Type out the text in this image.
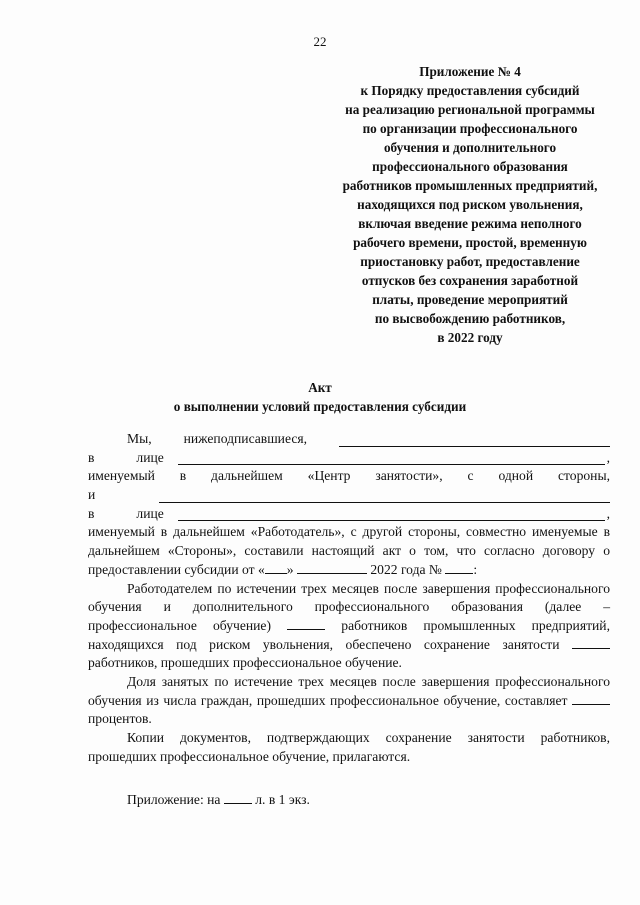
22
Приложение № 4
к Порядку предоставления субсидий
на реализацию региональной программы
по организации профессионального
обучения и дополнительного
профессионального образования
работников промышленных предприятий,
находящихся под риском увольнения,
включая введение режима неполного
рабочего времени, простой, временную
приостановку работ, предоставление
отпусков без сохранения заработной
платы, проведение мероприятий
по высвобождению работников,
в 2022 году
Акт
о выполнении условий предоставления субсидии
Мы, нижеподписавшиеся,
в	лице	,
именуемый в дальнейшем «Центр занятости», с одной стороны,
и
в	лице	,
именуемый в дальнейшем «Работодатель», с другой стороны, совместно именуемые в дальнейшем «Стороны», составили настоящий акт о том, что согласно договору о предоставлении субсидии от « »	2022 года № :
Работодателем по истечении трех месяцев после завершения профессионального обучения и дополнительного профессионального образования (далее – профессиональное обучение)	работников промышленных предприятий, находящихся под риском увольнения, обеспечено сохранение занятости  работников, прошедших профессиональное обучение.
Доля занятых по истечение трех месяцев после завершения профессионального обучения из числа граждан, прошедших профессиональное обучение, составляет  процентов.
Копии документов, подтверждающих сохранение занятости работников, прошедших профессиональное обучение, прилагаются.
Приложение: на	л. в 1 экз.
